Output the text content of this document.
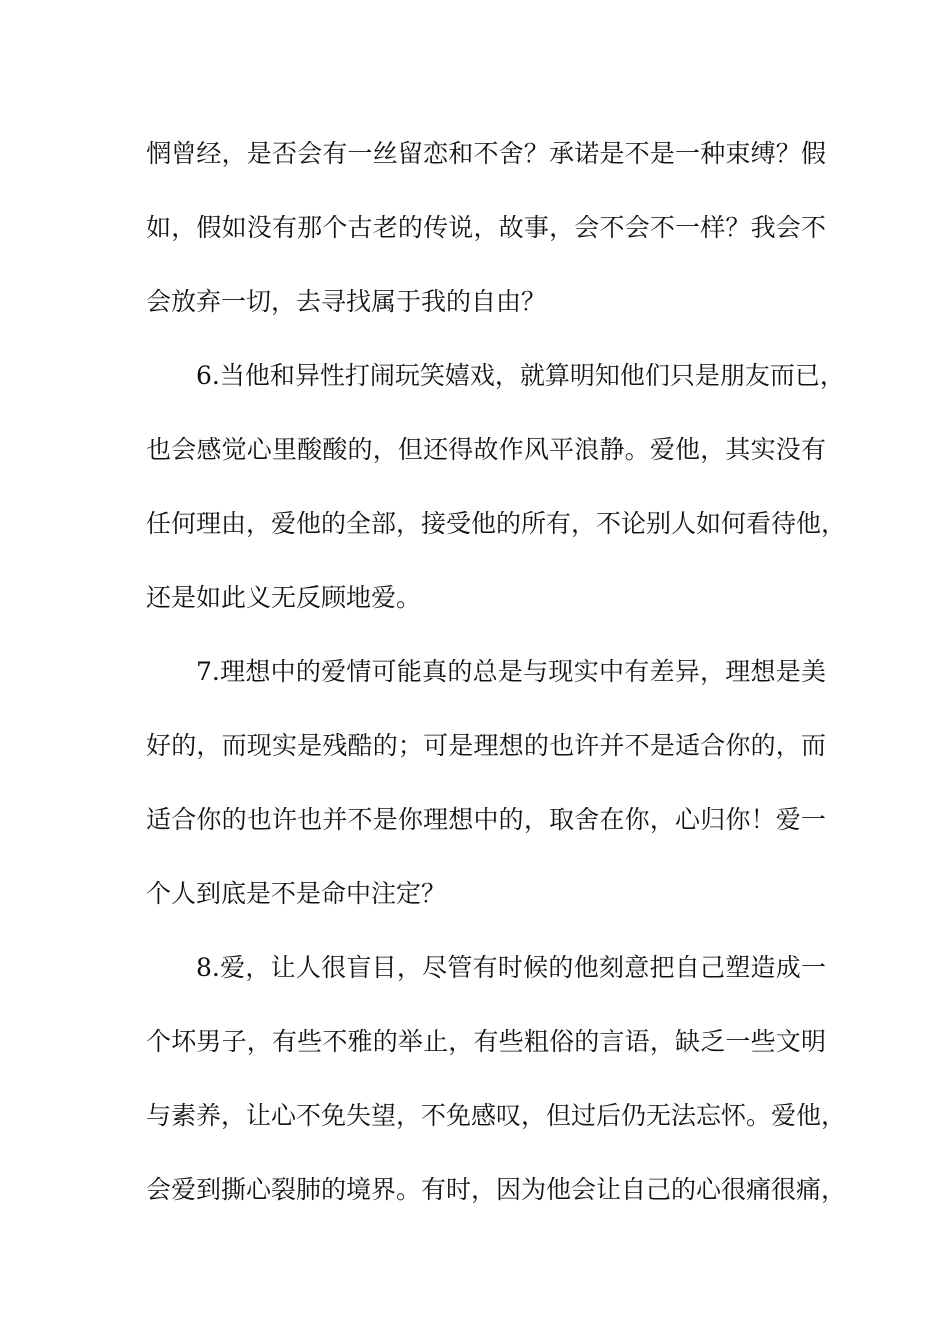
惘曾经，是否会有一丝留恋和不舍？承诺是不是一种束缚？假
如，假如没有那个古老的传说，故事，会不会不一样？我会不
会放弃一切，去寻找属于我的自由？
6.当他和异性打闹玩笑嬉戏，就算明知他们只是朋友而已，
也会感觉心里酸酸的，但还得故作风平浪静。爱他，其实没有
任何理由，爱他的全部，接受他的所有，不论别人如何看待他，
还是如此义无反顾地爱。
7.理想中的爱情可能真的总是与现实中有差异，理想是美
好的，而现实是残酷的；可是理想的也许并不是适合你的，而
适合你的也许也并不是你理想中的，取舍在你，心归你！爱一
个人到底是不是命中注定？
8.爱，让人很盲目，尽管有时候的他刻意把自己塑造成一
个坏男子，有些不雅的举止，有些粗俗的言语，缺乏一些文明
与素养，让心不免失望，不免感叹，但过后仍无法忘怀。爱他，
会爱到撕心裂肺的境界。有时，因为他会让自己的心很痛很痛，
